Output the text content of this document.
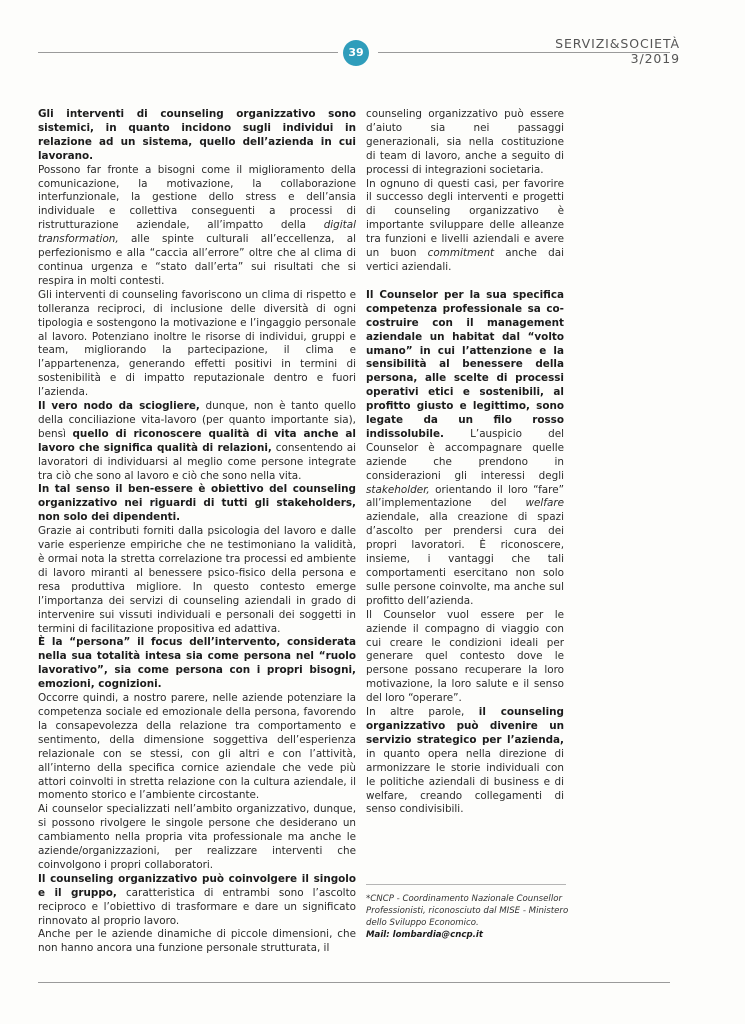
39
SERVIZI&SOCIETÀ 3/2019

Gli interventi di counseling organizzativo sono sistemici, in quanto incidono sugli individui in relazione ad un sistema, quello dell’azienda in cui lavorano.

Possono far fronte a bisogni come il miglioramento della comunicazione, la motivazione, la collaborazione interfunzionale, la gestione dello stress e dell’ansia individuale e collettiva conseguenti a processi di ristrutturazione aziendale, all’impatto della digital transformation, alle spinte culturali all’eccellenza, al perfezionismo e alla “caccia all’errore” oltre che al clima di continua urgenza e “stato dall’erta” sui risultati che si respira in molti contesti.

Gli interventi di counseling favoriscono un clima di rispetto e tolleranza reciproci, di inclusione delle diversità di ogni tipologia e sostengono la motivazione e l’ingaggio personale al lavoro. Potenziano inoltre le risorse di individui, gruppi e team, migliorando la partecipazione, il clima e l’appartenenza, generando effetti positivi in termini di sostenibilità e di impatto reputazionale dentro e fuori l’azienda.

Il vero nodo da sciogliere, dunque, non è tanto quello della conciliazione vita-lavoro (per quanto importante sia), bensì quello di riconoscere qualità di vita anche al lavoro che significa qualità di relazioni, consentendo ai lavoratori di individuarsi al meglio come persone integrate tra ciò che sono al lavoro e ciò che sono nella vita.

In tal senso il ben-essere è obiettivo del counseling organizzativo nei riguardi di tutti gli stakeholders, non solo dei dipendenti.

Grazie ai contributi forniti dalla psicologia del lavoro e dalle varie esperienze empiriche che ne testimoniano la validità, è ormai nota la stretta correlazione tra processi ed ambiente di lavoro miranti al benessere psico-fisico della persona e resa produttiva migliore. In questo contesto emerge l’importanza dei servizi di counseling aziendali in grado di intervenire sui vissuti individuali e personali dei soggetti in termini di facilitazione propositiva ed adattiva.

È la “persona” il focus dell’intervento, considerata nella sua totalità intesa sia come persona nel “ruolo lavorativo”, sia come persona con i propri bisogni, emozioni, cognizioni.

Occorre quindi, a nostro parere, nelle aziende potenziare la competenza sociale ed emozionale della persona, favorendo la consapevolezza della relazione tra comportamento e sentimento, della dimensione soggettiva dell’esperienza relazionale con se stessi, con gli altri e con l’attività, all’interno della specifica cornice aziendale che vede più attori coinvolti in stretta relazione con la cultura aziendale, il momento storico e l’ambiente circostante.

Ai counselor specializzati nell’ambito organizzativo, dunque, si possono rivolgere le singole persone che desiderano un cambiamento nella propria vita professionale ma anche le aziende/organizzazioni, per realizzare interventi che coinvolgono i propri collaboratori.

Il counseling organizzativo può coinvolgere il singolo e il gruppo, caratteristica di entrambi sono l’ascolto reciproco e l’obiettivo di trasformare e dare un significato rinnovato al proprio lavoro.

Anche per le aziende dinamiche di piccole dimensioni, che non hanno ancora una funzione personale strutturata, il

counseling organizzativo può essere d’aiuto sia nei passaggi generazionali, sia nella costituzione di team di lavoro, anche a seguito di processi di integrazioni societaria.

In ognuno di questi casi, per favorire il successo degli interventi e progetti di counseling organizzativo è importante sviluppare delle alleanze tra funzioni e livelli aziendali e avere un buon commitment anche dai vertici aziendali.

Il Counselor per la sua specifica competenza professionale sa co-costruire con il management aziendale un habitat dal “volto umano” in cui l’attenzione e la sensibilità al benessere della persona, alle scelte di processi operativi etici e sostenibili, al profitto giusto e legittimo, sono legate da un filo rosso indissolubile. L’auspicio del Counselor è accompagnare quelle aziende che prendono in considerazioni gli interessi degli stakeholder, orientando il loro “fare” all’implementazione del welfare aziendale, alla creazione di spazi d’ascolto per prendersi cura dei propri lavoratori. È riconoscere, insieme, i vantaggi che tali comportamenti esercitano non solo sulle persone coinvolte, ma anche sul profitto dell’azienda.

Il Counselor vuol essere per le aziende il compagno di viaggio con cui creare le condizioni ideali per generare quel contesto dove le persone possano recuperare la loro motivazione, la loro salute e il senso del loro “operare”.

In altre parole, il counseling organizzativo può divenire un servizio strategico per l’azienda, in quanto opera nella direzione di armonizzare le storie individuali con le politiche aziendali di business e di welfare, creando collegamenti di senso condivisibili.

*CNCP - Coordinamento Nazionale Counsellor Professionisti, riconosciuto dal MISE - Ministero dello Sviluppo Economico.
Mail: lombardia@cncp.it
